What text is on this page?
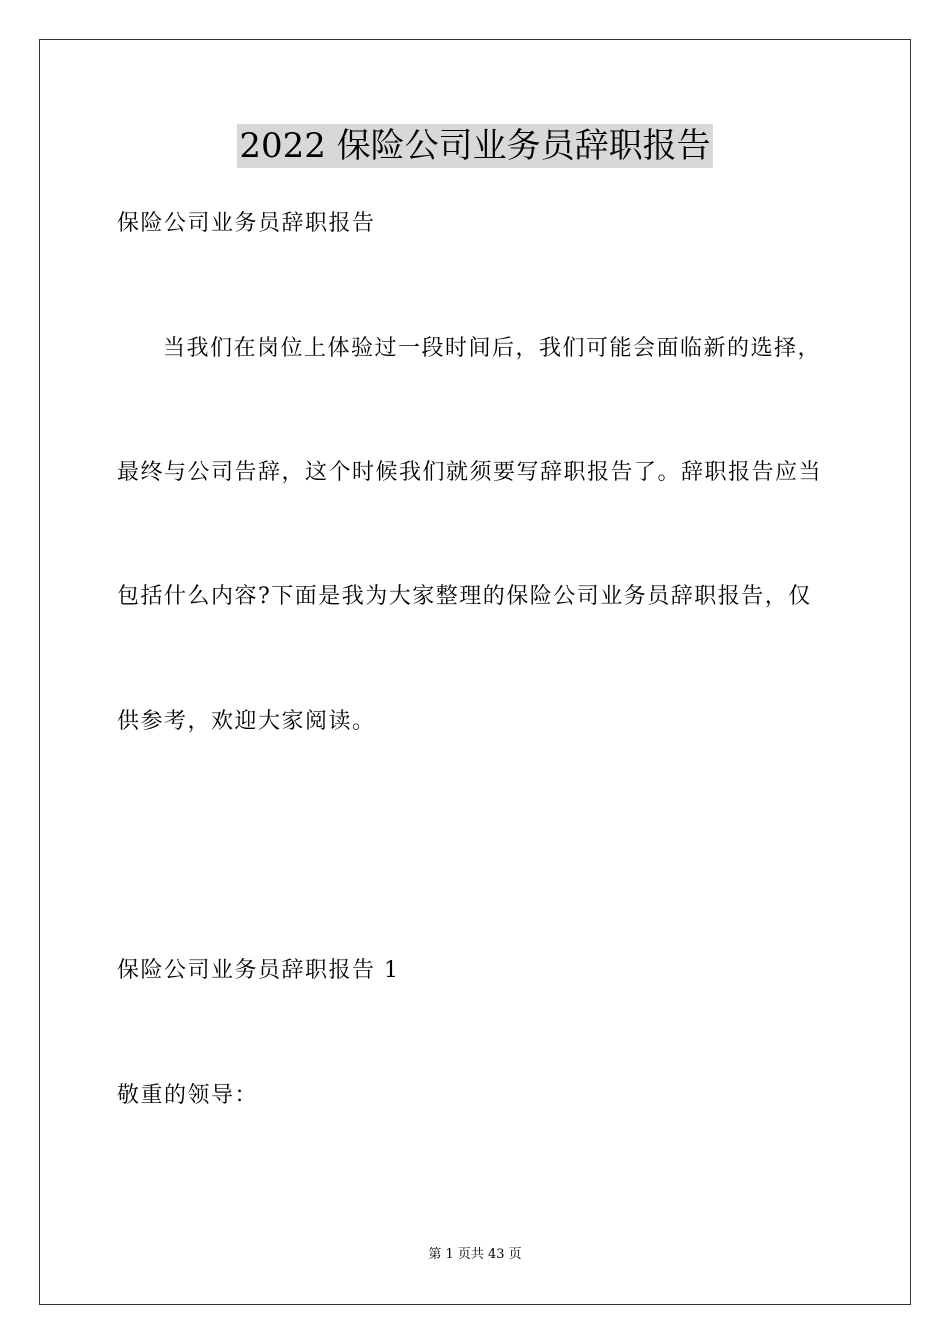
2022 保险公司业务员辞职报告
保险公司业务员辞职报告
当我们在岗位上体验过一段时间后，我们可能会面临新的选择，
最终与公司告辞，这个时候我们就须要写辞职报告了。辞职报告应当
包括什么内容?下面是我为大家整理的保险公司业务员辞职报告，仅
供参考，欢迎大家阅读。
保险公司业务员辞职报告 1
敬重的领导：
第 1 页共 43 页
